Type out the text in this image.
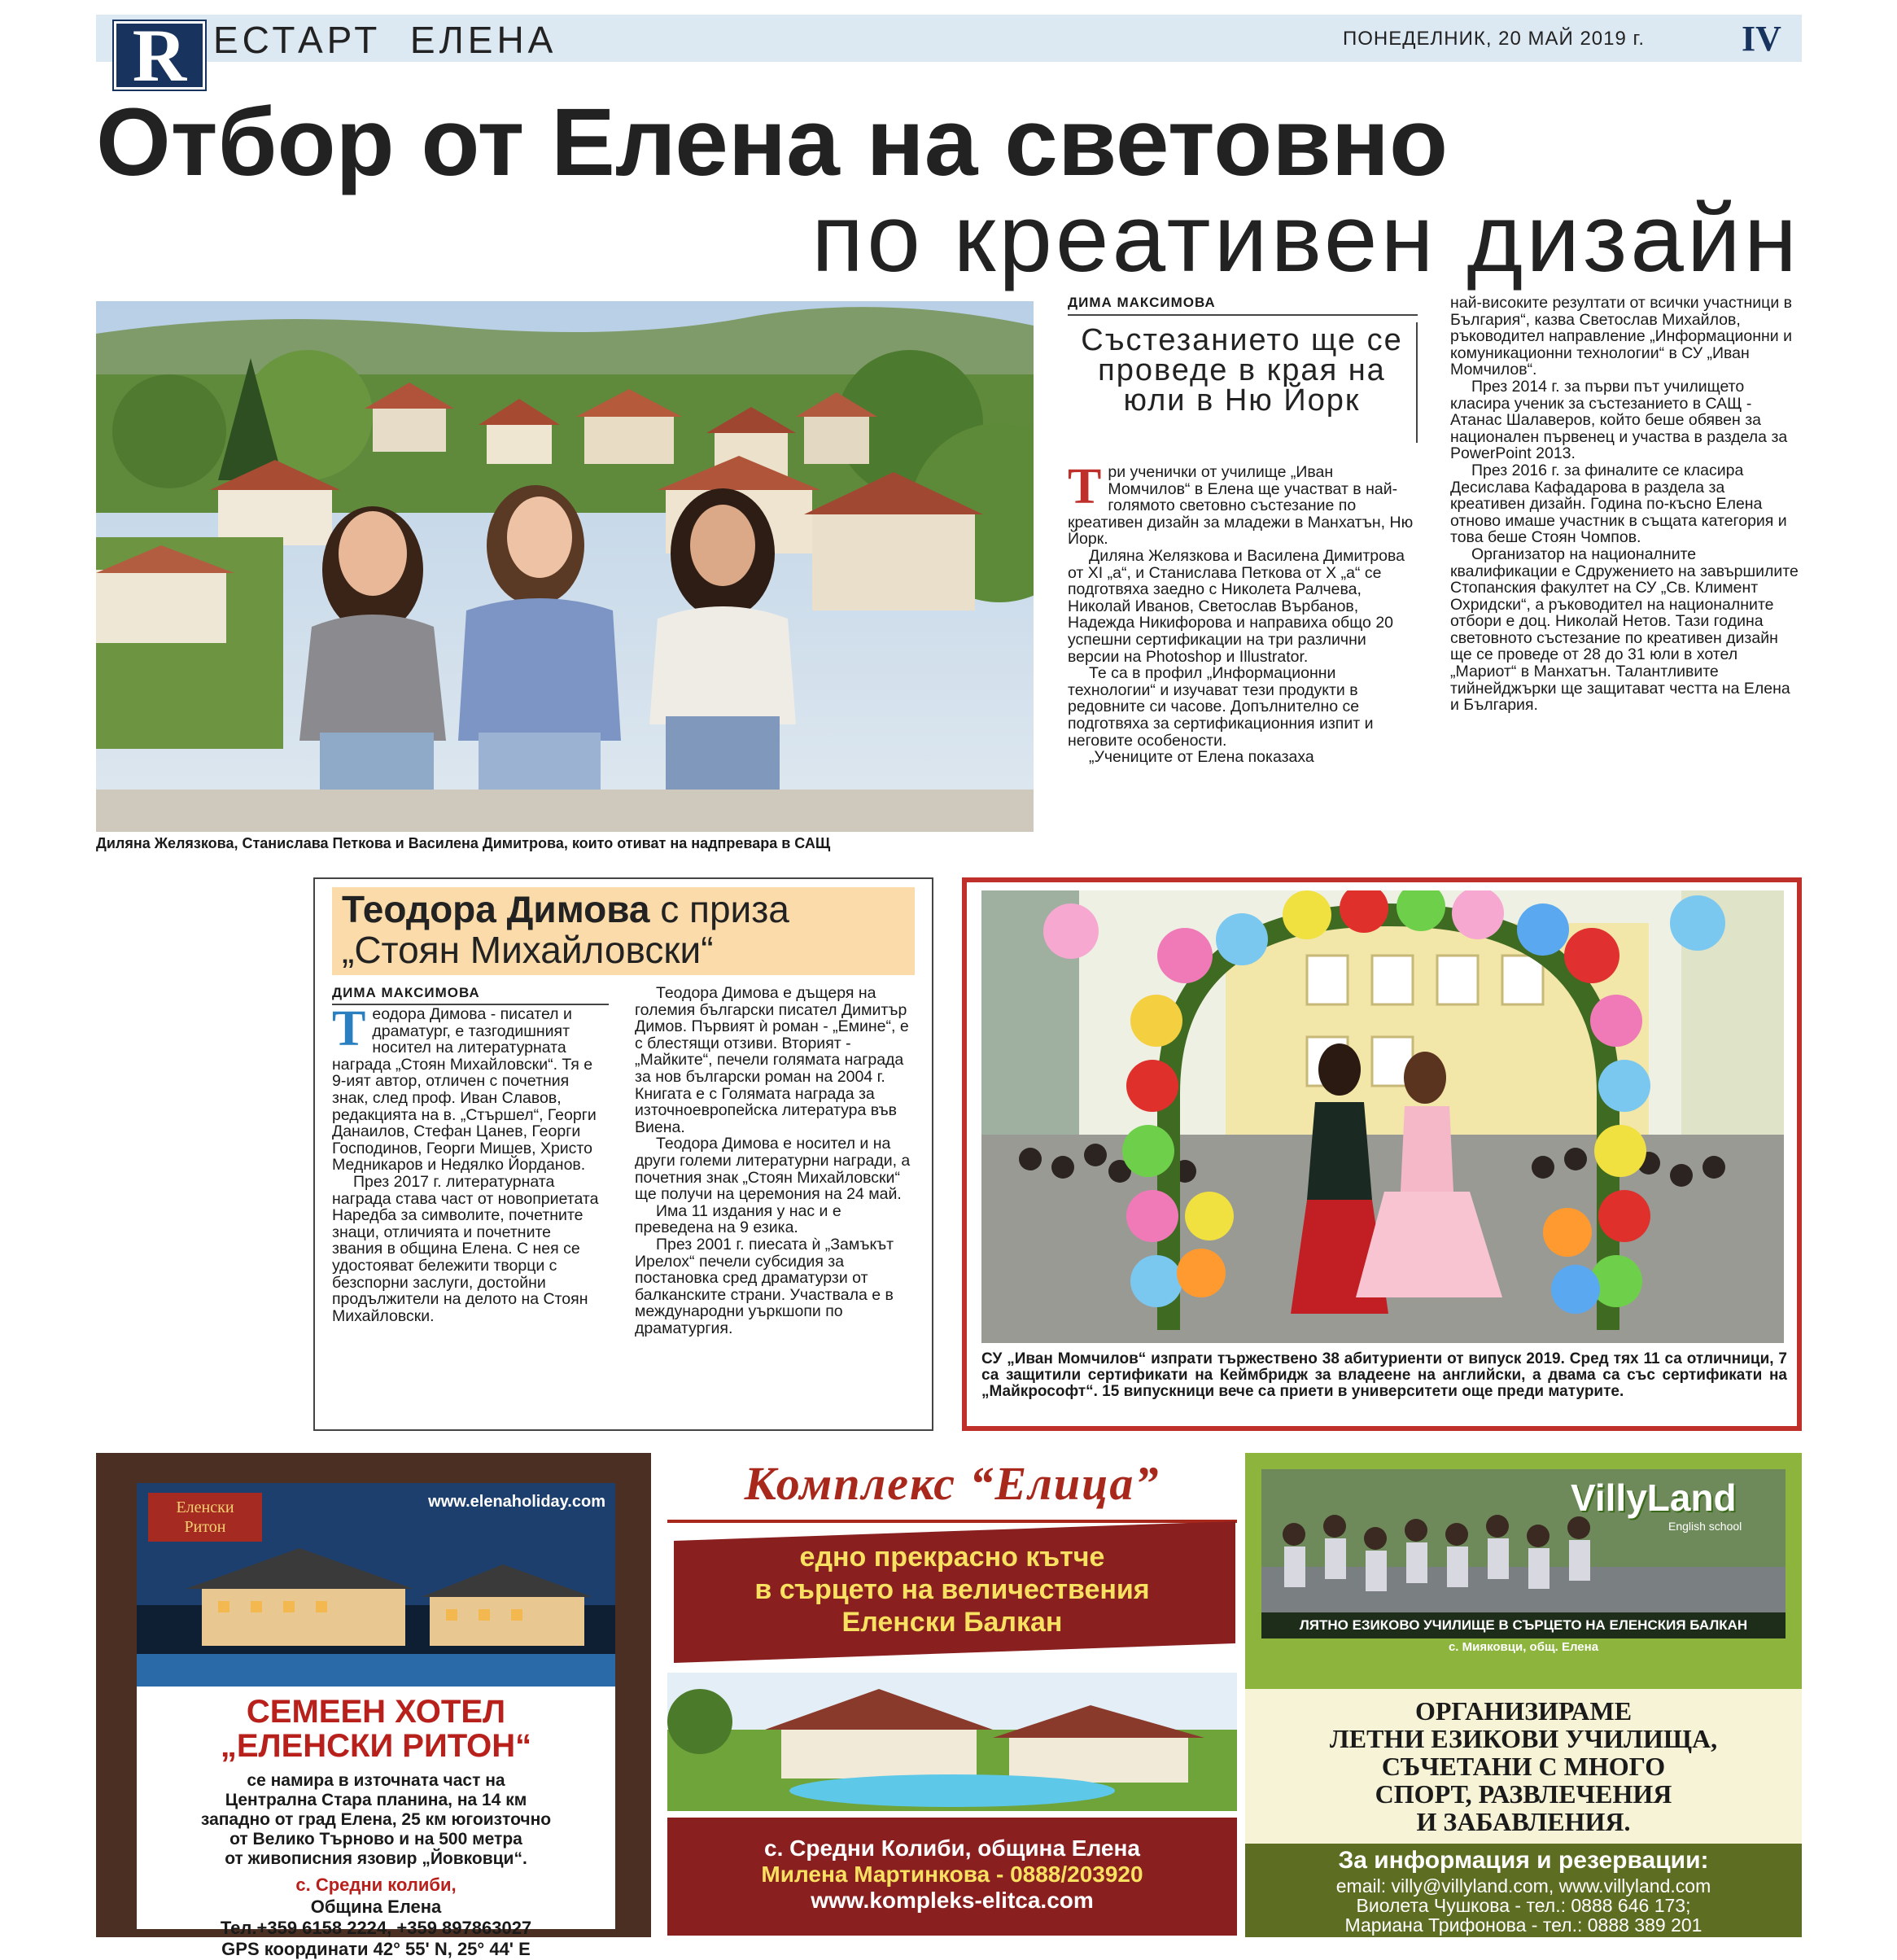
R ЕСТАРТ  ЕЛЕНА	ПОНЕДЕЛНИК, 20 МАЙ 2019 г.	IV
Отбор от Елена на световно
по креативен дизайн
Диляна Желязкова, Станислава Петкова и Василена Димитрова, които отиват на надпревара в САЩ
ДИМА МАКСИМОВА
Състезанието ще се проведе в края на юли в Ню Йорк

Три ученички от училище „Иван Момчилов“ в Елена ще участват в най-голямото световно състезание по креативен дизайн за младежи в Манхатън, Ню Йорк.

Диляна Желязкова и Василена Димитрова от XI „а“, и Станислава Петкова от X „а“ се подготвяха заедно с Николета Ралчева, Николай Иванов, Светослав Върбанов, Надежда Никифорова и направиха общо 20 успешни сертификации на три различни версии на Photoshop и Illustrator.

Те са в профил „Информационни технологии“ и изучават тези продукти в редовните си часове. Допълнително се подготвяха за сертификационния изпит и неговите особености.

„Учениците от Елена показаха

най-високите резултати от всички участници в България“, казва Светослав Михайлов, ръководител направление „Информационни и комуникационни технологии“ в СУ „Иван Момчилов“.

През 2014 г. за първи път училището класира ученик за състезанието в САЩ - Атанас Шалаверов, който беше обявен за национален първенец и участва в раздела за PowerPoint 2013.

През 2016 г. за финалите се класира Десислава Кафадарова в раздела за креативен дизайн. Година по-късно Елена отново имаше участник в същата категория и това беше Стоян Чомпов.

Организатор на националните квалификации е Сдружението на завършилите Стопанския факултет на СУ „Св. Климент Охридски“, а ръководител на националните отбори е доц. Николай Нетов. Тази година световното състезание по креативен дизайн ще се проведе от 28 до 31 юли в хотел „Мариот“ в Манхатън. Талантливите тийнейджърки ще защитават честта на Елена и България.

Теодора Димова с приза
„Стоян Михайловски“
ДИМА МАКСИМОВА

Теодора Димова - писател и драматург, е тазгодишният носител на литературната награда „Стоян Михайловски“. Тя е 9-ият автор, отличен с почетния знак, след проф. Иван Славов, редакцията на в. „Стършел“, Георги Данаилов, Стефан Цанев, Георги Господинов, Георги Мишев, Христо Медникаров и Недялко Йорданов.

През 2017 г. литературната награда става част от новоприетата Наредба за символите, почетните знаци, отличията и почетните звания в община Елена. С нея се удостояват бележити творци с безспорни заслуги, достойни продължители на делото на Стоян Михайловски.

Теодора Димова е дъщеря на големия български писател Димитър Димов. Първият ѝ роман - „Емине“, е с блестящи отзиви. Вторият - „Майките“, печели голямата награда за нов български роман на 2004 г. Книгата е с Голямата награда за източноевропейска литература във Виена.

Теодора Димова е носител и на други големи литературни награди, а почетния знак „Стоян Михайловски“ ще получи на церемония на 24 май.

Има 11 издания у нас и е преведена на 9 езика.

През 2001 г. пиесата ѝ „Замъкът Ирелох“ печели субсидия за постановка сред драматурзи от балканските страни. Участвала е в международни уъркшопи по драматургия.

СУ „Иван Момчилов“ изпрати тържествено 38 абитуриенти от випуск 2019. Сред тях 11 са отличници, 7 са защитили сертификати на Кеймбридж за владеене на английски, а двама са със сертификати на „Майкрософт“. 15 випускници вече са приети в университети още преди матурите.
Еленски
Ритон
www.elenaholiday.com
СЕМЕЕН ХОТЕЛ
„ЕЛЕНСКИ РИТОН“
се намира в източната част на
Централна Стара планина, на 14 км
западно от град Елена, 25 км югоизточно
от Велико Търново и на 500 метра
от живописния язовир „Йовковци“.
с. Средни колиби,
Община Елена
Тел.+359 6158 2224, +359 897863027
GPS координати 42° 55' N, 25° 44' E
Комплекс “Елица”
едно прекрасно кътче
в сърцето на величествения
Еленски Балкан
с. Средни Колиби, община Елена
Милена Мартинкова - 0888/203920
www.kompleks-elitca.com
VillyLand
English school
ЛЯТНО ЕЗИКОВО УЧИЛИЩЕ В СЪРЦЕТО НА ЕЛЕНСКИЯ БАЛКАН
с. Мияковци, общ. Елена
ОРГАНИЗИРАМЕ
ЛЕТНИ ЕЗИКОВИ УЧИЛИЩА,
СЪЧЕТАНИ С МНОГО
СПОРТ, РАЗВЛЕЧЕНИЯ
И ЗАБАВЛЕНИЯ.
За информация и резервации:
email: villy@villyland.com, www.villyland.com
Виолета Чушкова - тел.: 0888 646 173;
Мариана Трифонова - тел.: 0888 389 201
